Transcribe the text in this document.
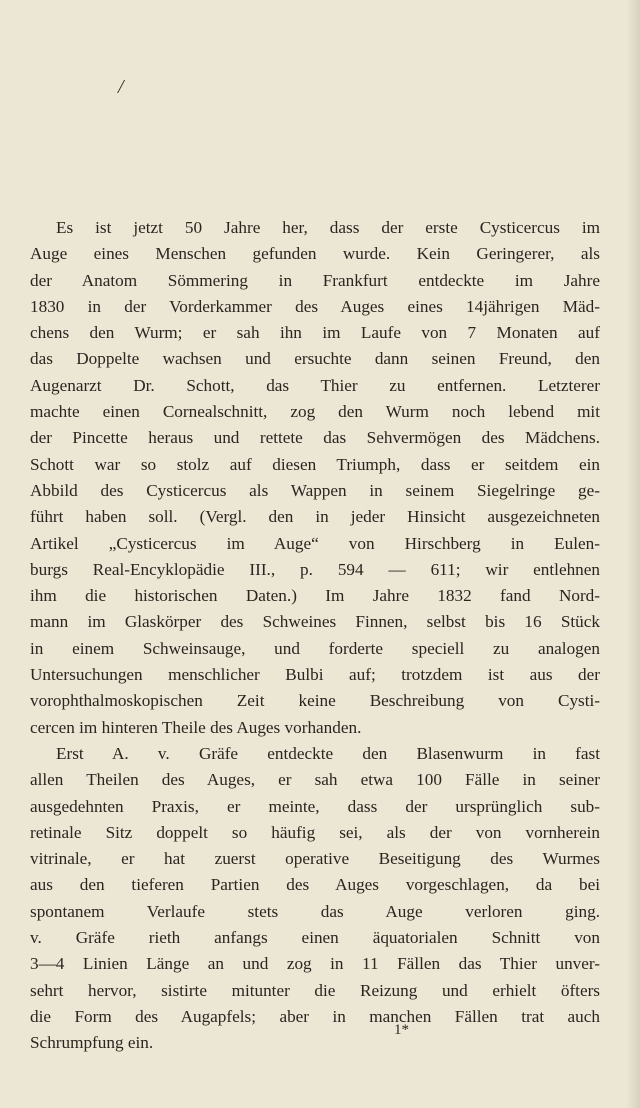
/
Es ist jetzt 50 Jahre her, dass der erste Cysticercus im
Auge eines Menschen gefunden wurde. Kein Geringerer, als
der Anatom Sömmering in Frankfurt entdeckte im Jahre
1830 in der Vorderkammer des Auges eines 14jährigen Mäd-
chens den Wurm; er sah ihn im Laufe von 7 Monaten auf
das Doppelte wachsen und ersuchte dann seinen Freund, den
Augenarzt Dr. Schott, das Thier zu entfernen. Letzterer
machte einen Cornealschnitt, zog den Wurm noch lebend mit
der Pincette heraus und rettete das Sehvermögen des Mädchens.
Schott war so stolz auf diesen Triumph, dass er seitdem ein
Abbild des Cysticercus als Wappen in seinem Siegelringe ge-
führt haben soll. (Vergl. den in jeder Hinsicht ausgezeichneten
Artikel „Cysticercus im Auge“ von Hirschberg in Eulen-
burgs Real-Encyklopädie III., p. 594 — 611; wir entlehnen
ihm die historischen Daten.) Im Jahre 1832 fand Nord-
mann im Glaskörper des Schweines Finnen, selbst bis 16 Stück
in einem Schweinsauge, und forderte speciell zu analogen
Untersuchungen menschlicher Bulbi auf; trotzdem ist aus der
vorophthalmoskopischen Zeit keine Beschreibung von Cysti-
cercen im hinteren Theile des Auges vorhanden.
Erst A. v. Gräfe entdeckte den Blasenwurm in fast
allen Theilen des Auges, er sah etwa 100 Fälle in seiner
ausgedehnten Praxis, er meinte, dass der ursprünglich sub-
retinale Sitz doppelt so häufig sei, als der von vornherein
vitrinale, er hat zuerst operative Beseitigung des Wurmes
aus den tieferen Partien des Auges vorgeschlagen, da bei
spontanem Verlaufe stets das Auge verloren ging.
v. Gräfe rieth anfangs einen äquatorialen Schnitt von
3—4 Linien Länge an und zog in 11 Fällen das Thier unver-
sehrt hervor, sistirte mitunter die Reizung und erhielt öfters
die Form des Augapfels; aber in manchen Fällen trat auch
Schrumpfung ein.
1*
